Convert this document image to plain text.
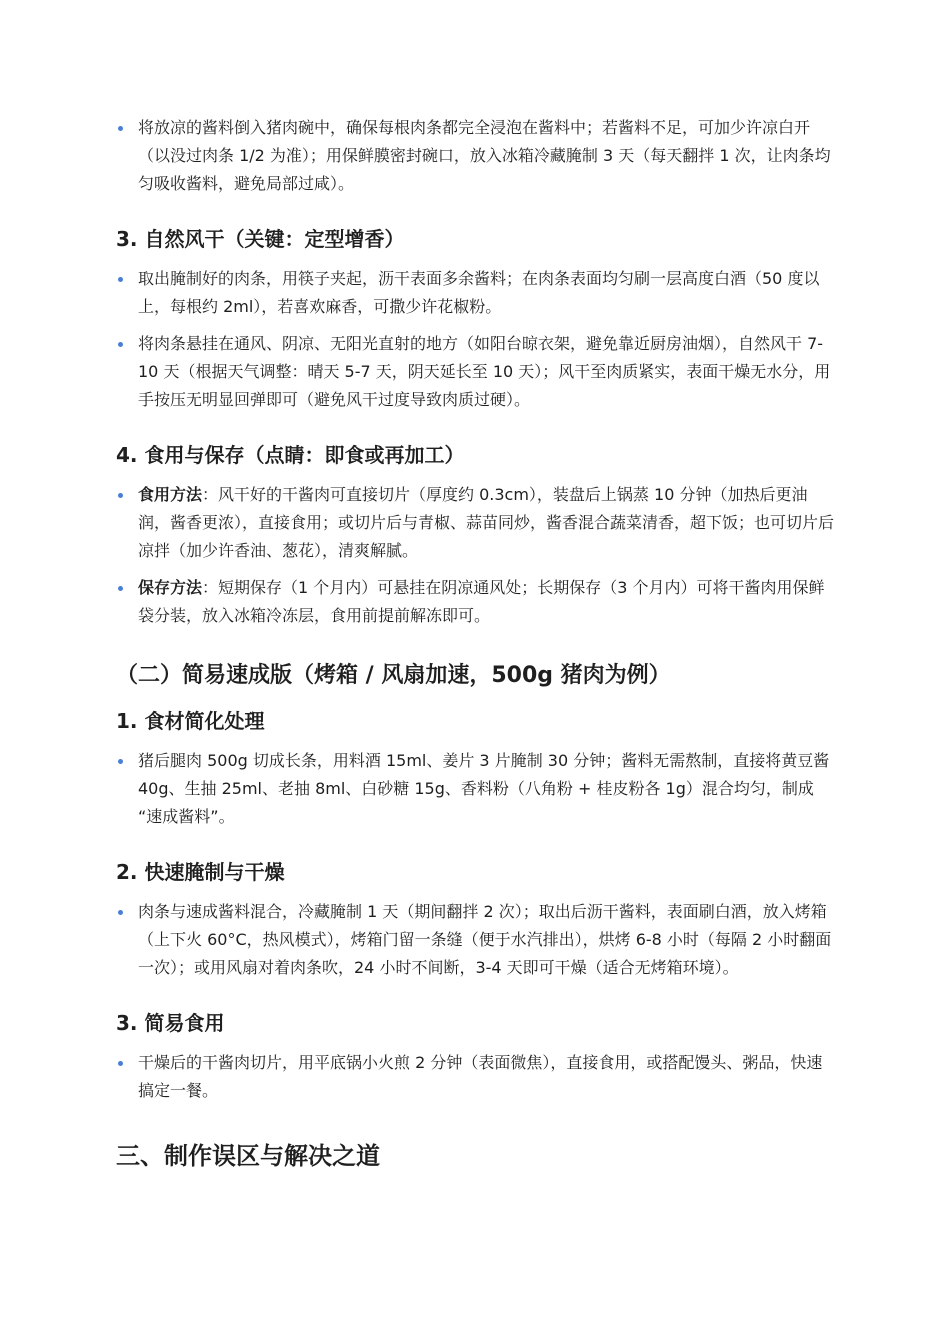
将放凉的酱料倒入猪肉碗中，确保每根肉条都完全浸泡在酱料中；若酱料不足，可加少许凉白开（以没过肉条 1/2 为准）；用保鲜膜密封碗口，放入冰箱冷藏腌制 3 天（每天翻拌 1 次，让肉条均匀吸收酱料，避免局部过咸）。
3. 自然风干（关键：定型增香）
取出腌制好的肉条，用筷子夹起，沥干表面多余酱料；在肉条表面均匀刷一层高度白酒（50 度以上，每根约 2ml），若喜欢麻香，可撒少许花椒粉。
将肉条悬挂在通风、阴凉、无阳光直射的地方（如阳台晾衣架，避免靠近厨房油烟），自然风干 7-10 天（根据天气调整：晴天 5-7 天，阴天延长至 10 天）；风干至肉质紧实，表面干燥无水分，用手按压无明显回弹即可（避免风干过度导致肉质过硬）。
4. 食用与保存（点睛：即食或再加工）
食用方法：风干好的干酱肉可直接切片（厚度约 0.3cm），装盘后上锅蒸 10 分钟（加热后更油润，酱香更浓），直接食用；或切片后与青椒、蒜苗同炒，酱香混合蔬菜清香，超下饭；也可切片后凉拌（加少许香油、葱花），清爽解腻。
保存方法：短期保存（1 个月内）可悬挂在阴凉通风处；长期保存（3 个月内）可将干酱肉用保鲜袋分装，放入冰箱冷冻层，食用前提前解冻即可。
（二）简易速成版（烤箱 / 风扇加速，500g 猪肉为例）
1. 食材简化处理
猪后腿肉 500g 切成长条，用料酒 15ml、姜片 3 片腌制 30 分钟；酱料无需熬制，直接将黄豆酱 40g、生抽 25ml、老抽 8ml、白砂糖 15g、香料粉（八角粉 + 桂皮粉各 1g）混合均匀，制成 “速成酱料”。
2. 快速腌制与干燥
肉条与速成酱料混合，冷藏腌制 1 天（期间翻拌 2 次）；取出后沥干酱料，表面刷白酒，放入烤箱（上下火 60°C，热风模式），烤箱门留一条缝（便于水汽排出），烘烤 6-8 小时（每隔 2 小时翻面一次）；或用风扇对着肉条吹，24 小时不间断，3-4 天即可干燥（适合无烤箱环境）。
3. 简易食用
干燥后的干酱肉切片，用平底锅小火煎 2 分钟（表面微焦），直接食用，或搭配馒头、粥品，快速搞定一餐。
三、制作误区与解决之道
